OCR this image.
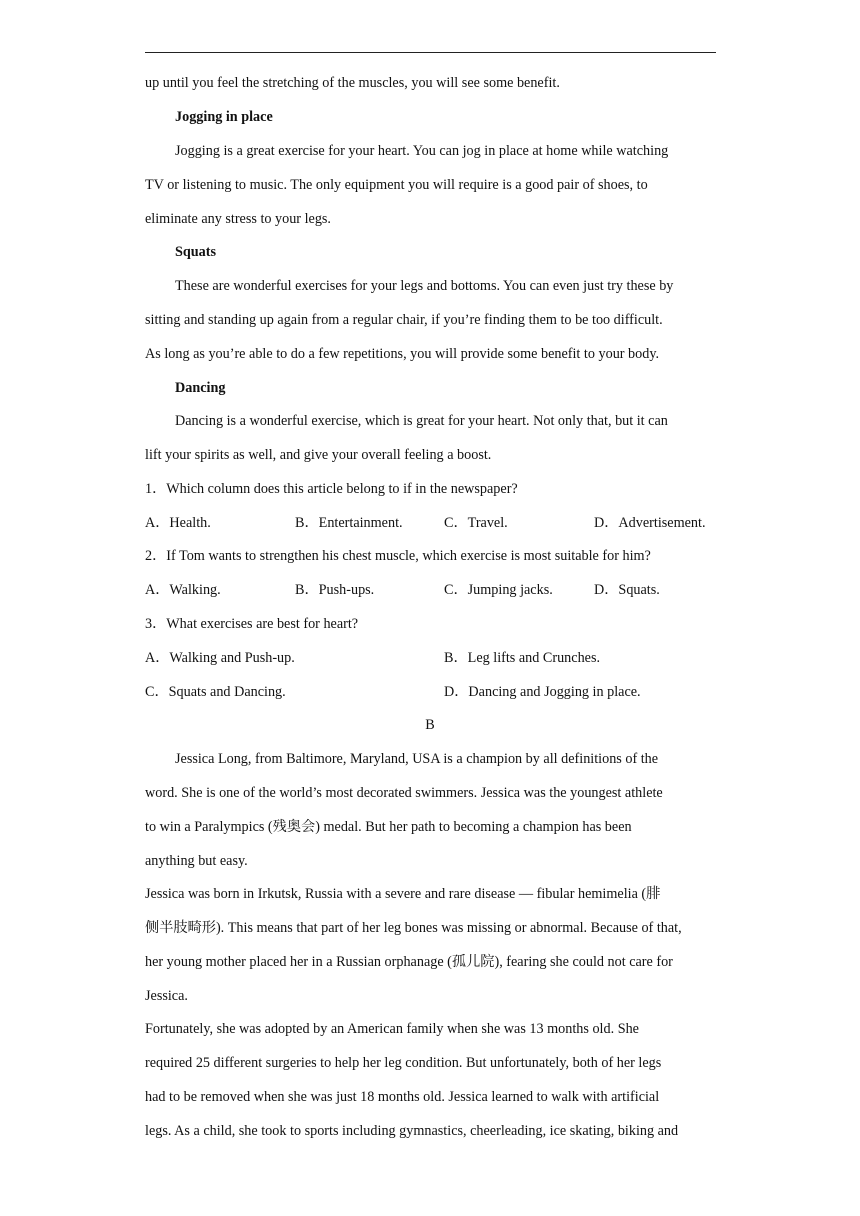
up until you feel the stretching of the muscles, you will see some benefit.
Jogging in place
Jogging is a great exercise for your heart. You can jog in place at home while watching
TV or listening to music. The only equipment you will require is a good pair of shoes, to
eliminate any stress to your legs.
Squats
These are wonderful exercises for your legs and bottoms. You can even just try these by
sitting and standing up again from a regular chair, if you’re finding them to be too difficult.
As long as you’re able to do a few repetitions, you will provide some benefit to your body.
Dancing
Dancing is a wonderful exercise, which is great for your heart. Not only that, but it can
lift your spirits as well, and give your overall feeling a boost.
1．Which column does this article belong to if in the newspaper?
A．Health.	B．Entertainment.	C．Travel.	D．Advertisement.
2．If Tom wants to strengthen his chest muscle, which exercise is most suitable for him?
A．Walking.	B．Push-ups.	C．Jumping jacks.	D．Squats.
3．What exercises are best for heart?
A．Walking and Push-up.	B．Leg lifts and Crunches.
C．Squats and Dancing.	D．Dancing and Jogging in place.
B
Jessica Long, from Baltimore, Maryland, USA is a champion by all definitions of the
word. She is one of the world’s most decorated swimmers. Jessica was the youngest athlete
to win a Paralympics (残奥会) medal. But her path to becoming a champion has been
anything but easy.
Jessica was born in Irkutsk, Russia with a severe and rare disease — fibular hemimelia (腓
侧半肢畸形). This means that part of her leg bones was missing or abnormal. Because of that,
her young mother placed her in a Russian orphanage (孤儿院), fearing she could not care for
Jessica.
Fortunately, she was adopted by an American family when she was 13 months old. She
required 25 different surgeries to help her leg condition. But unfortunately, both of her legs
had to be removed when she was just 18 months old. Jessica learned to walk with artificial
legs. As a child, she took to sports including gymnastics, cheerleading, ice skating, biking and
